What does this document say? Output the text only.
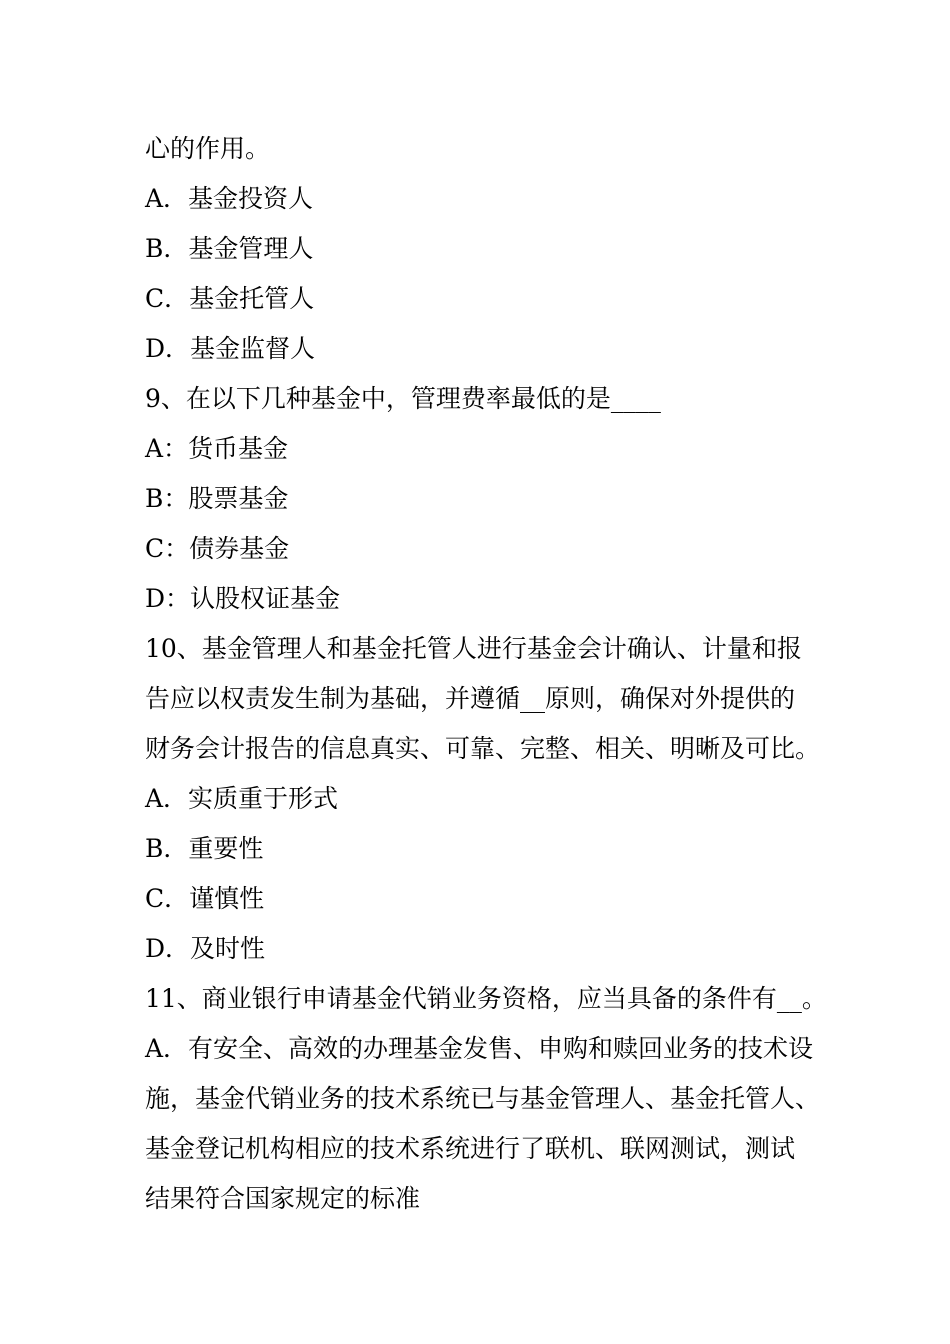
心的作用。
A．基金投资人
B．基金管理人
C．基金托管人
D．基金监督人
9、在以下几种基金中，管理费率最低的是____
A：货币基金
B：股票基金
C：债券基金
D：认股权证基金
10、基金管理人和基金托管人进行基金会计确认、计量和报
告应以权责发生制为基础，并遵循__原则，确保对外提供的
财务会计报告的信息真实、可靠、完整、相关、明晰及可比。
A．实质重于形式
B．重要性
C．谨慎性
D．及时性
11、商业银行申请基金代销业务资格，应当具备的条件有__。
A．有安全、高效的办理基金发售、申购和赎回业务的技术设
施，基金代销业务的技术系统已与基金管理人、基金托管人、
基金登记机构相应的技术系统进行了联机、联网测试，测试
结果符合国家规定的标准
